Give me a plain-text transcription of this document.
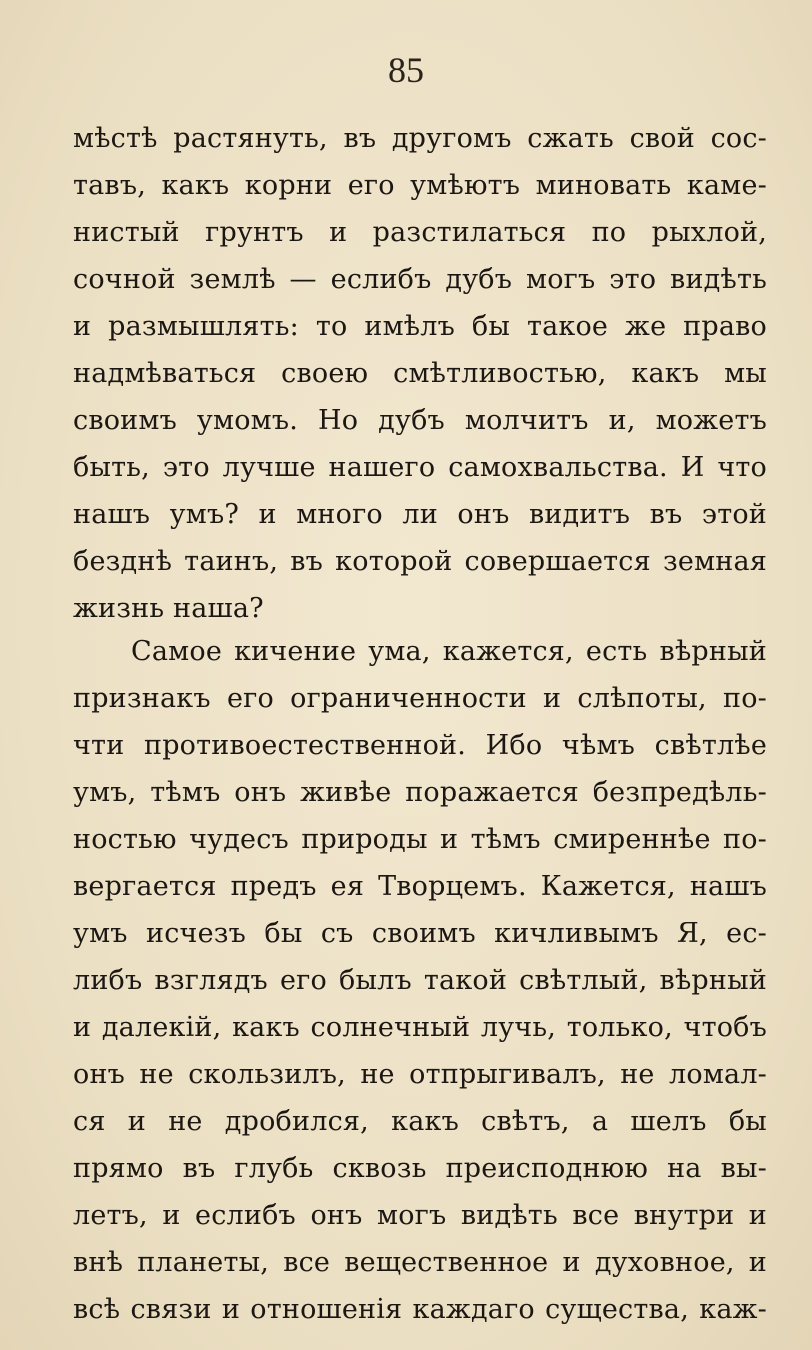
85
мѣстѣ растянуть, въ другомъ сжать свой сос-
тавъ, какъ корни его умѣютъ миновать каме-
нистый грунтъ и разстилаться по рыхлой,
сочной землѣ — еслибъ дубъ могъ это видѣть
и размышлять: то имѣлъ бы такое же право
надмѣваться своею смѣтливостью, какъ мы
своимъ умомъ. Но дубъ молчитъ и, можетъ
быть, это лучше нашего самохвальства. И что
нашъ умъ? и много ли онъ видитъ въ этой
безднѣ таинъ, въ которой совершается земная
жизнь наша?
Самое кичение ума, кажется, есть вѣрный
признакъ его ограниченности и слѣпоты, по-
чти противоестественной. Ибо чѣмъ свѣтлѣе
умъ, тѣмъ онъ живѣе поражается безпредѣль-
ностью чудесъ природы и тѣмъ смиреннѣе по-
вергается предъ ея Творцемъ. Кажется, нашъ
умъ исчезъ бы съ своимъ кичливымъ Я, ес-
либъ взглядъ его былъ такой свѣтлый, вѣрный
и далекій, какъ солнечный лучь, только, чтобъ
онъ не скользилъ, не отпрыгивалъ, не ломал-
ся и не дробился, какъ свѣтъ, а шелъ бы
прямо въ глубь сквозь преисподнюю на вы-
летъ, и еслибъ онъ могъ видѣть все внутри и
внѣ планеты, все вещественное и духовное, и
всѣ связи и отношенія каждаго существа, каж-
